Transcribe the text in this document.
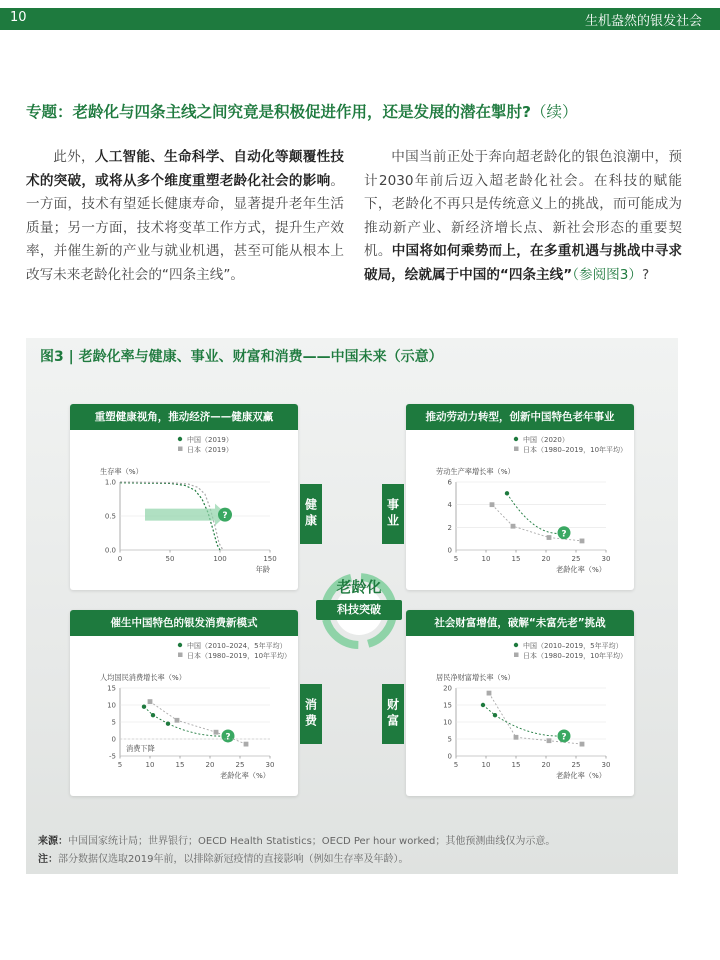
10	生机盎然的银发社会
专题：老龄化与四条主线之间究竟是积极促进作用，还是发展的潜在掣肘?（续）
此外，人工智能、生命科学、自动化等颠覆性技术的突破，或将从多个维度重塑老龄化社会的影响。一方面，技术有望延长健康寿命，显著提升老年生活质量；另一方面，技术将变革工作方式，提升生产效率，并催生新的产业与就业机遇，甚至可能从根本上改写未来老龄化社会的“四条主线”。
中国当前正处于奔向超老龄化的银色浪潮中，预计2030年前后迈入超老龄化社会。在科技的赋能下，老龄化不再只是传统意义上的挑战，而可能成为推动新产业、新经济增长点、新社会形态的重要契机。中国将如何乘势而上，在多重机遇与挑战中寻求破局，绘就属于中国的“四条主线”（参阅图3）?
图3 | 老龄化率与健康、事业、财富和消费——中国未来（示意）
老龄化
科技突破
健康	事业
消费	财富
重塑健康视角，推动经济——健康双赢
中国（2019）
日本（2019）
生存率（%）
0.0
0.5
1.0
0	50	100	150
年龄
?
推动劳动力转型，创新中国特色老年事业
中国（2020）
日本（1980–2019，10年平均）
劳动生产率增长率（%）
0
2
4
6
5	10	15	20	25	30
老龄化率（%）
?
催生中国特色的银发消费新模式
中国（2010–2024，5年平均）
日本（1980–2019，10年平均）
人均国民消费增长率（%）
-5
0
5
10
15
5	10	15	20	25	30
老龄化率（%）
?
消费下降
社会财富增值，破解“未富先老”挑战
中国（2010–2019，5年平均）
日本（1980–2019，10年平均）
居民净财富增长率（%）
0
5
10
15
20
5	10	15	20	25	30
老龄化率（%）
?
来源：中国国家统计局；世界银行；OECD Health Statistics；OECD Per hour worked；其他预测曲线仅为示意。
注：部分数据仅选取2019年前，以排除新冠疫情的直接影响（例如生存率及年龄）。
